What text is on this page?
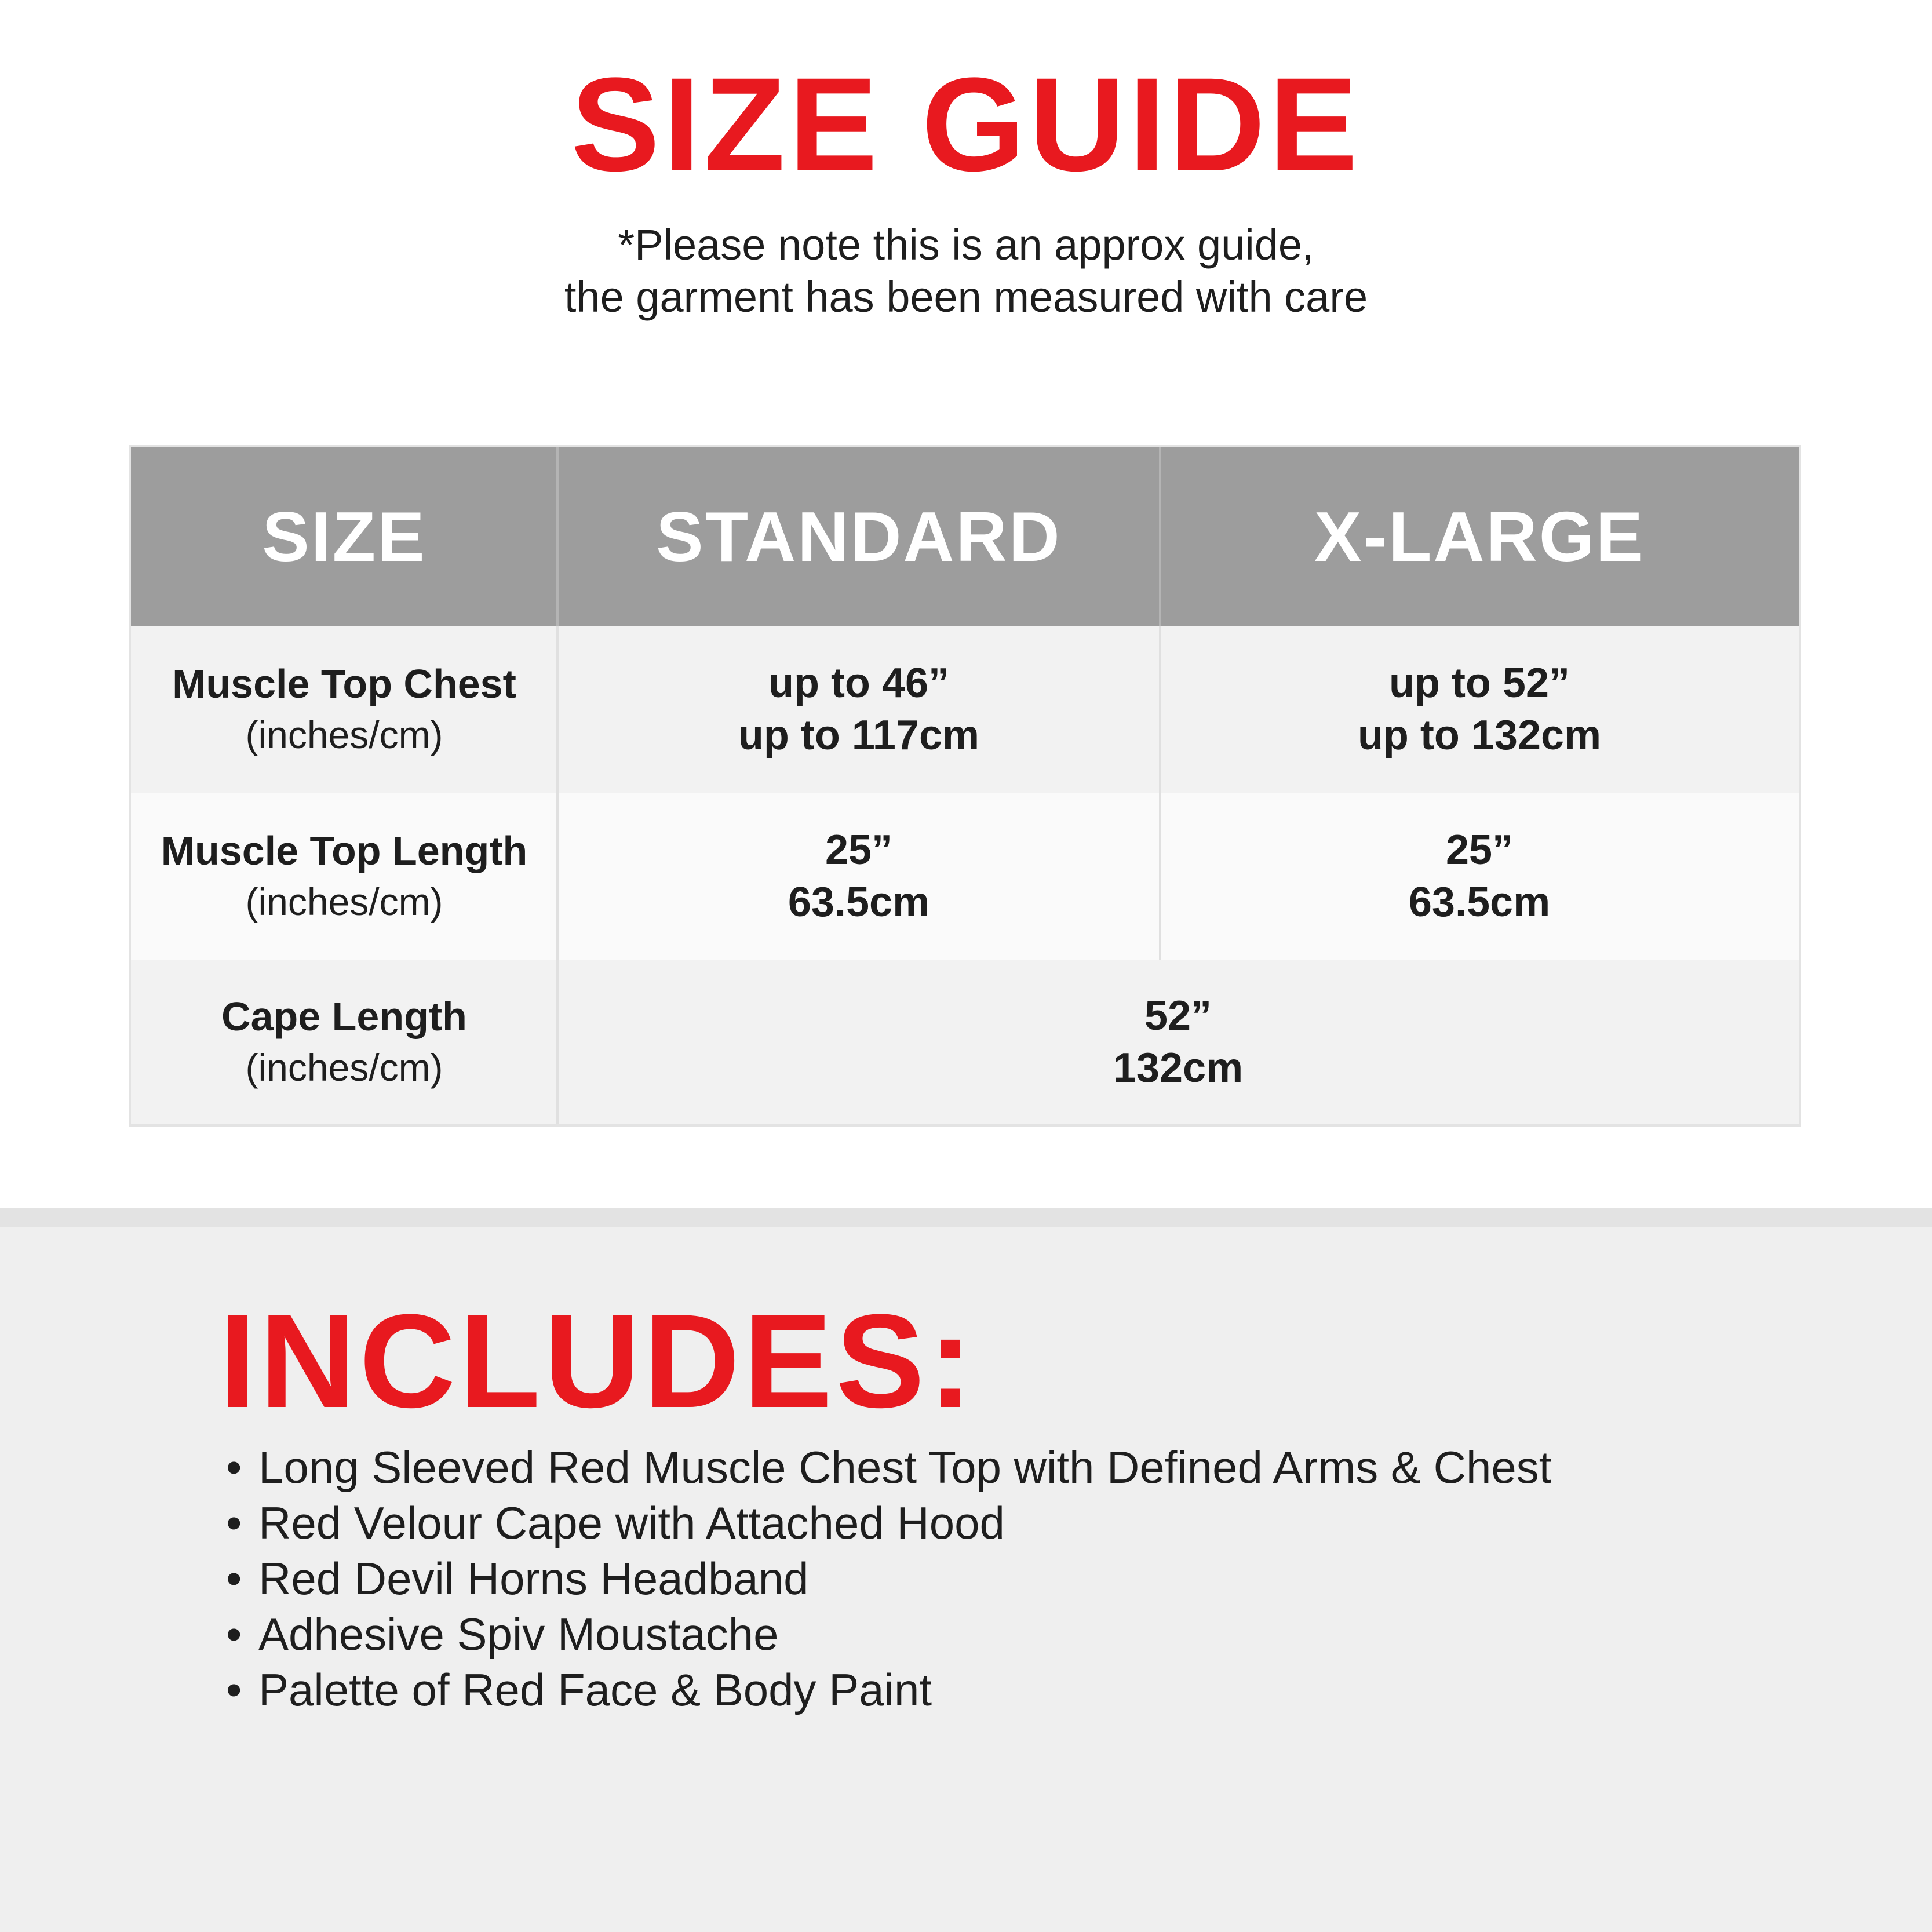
SIZE GUIDE
*Please note this is an approx guide,
the garment has been measured with care
SIZE	STANDARD	X-LARGE
Muscle Top Chest
(inches/cm)
up to 46”
up to 117cm
up to 52”
up to 132cm
Muscle Top Length
(inches/cm)
25”
63.5cm
25”
63.5cm
Cape Length
(inches/cm)
52”
132cm
INCLUDES:
• Long Sleeved Red Muscle Chest Top with Defined Arms & Chest
• Red Velour Cape with Attached Hood
• Red Devil Horns Headband
• Adhesive Spiv Moustache
• Palette of Red Face & Body Paint
